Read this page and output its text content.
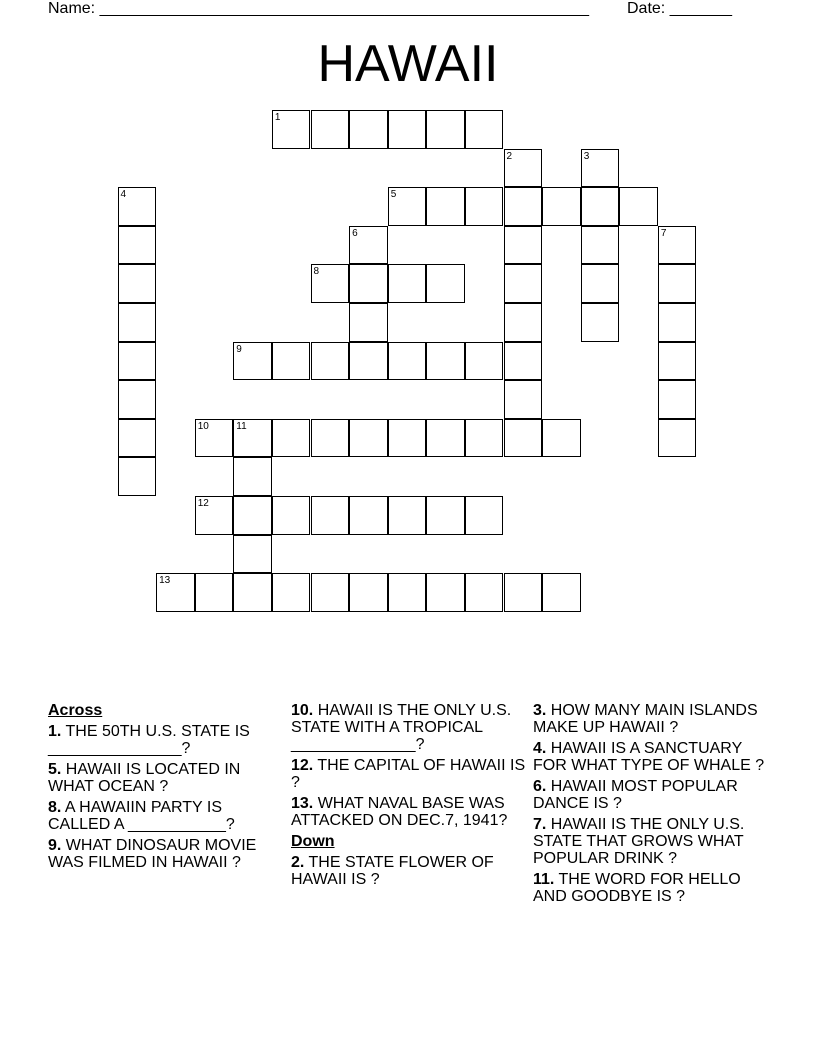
Name: _______________________________________________________ Date: _______
HAWAII
1
5
8
9
10	11
12
13
2	3
4
6	7
Across
1. THE 50TH U.S. STATE IS _______________?
5. HAWAII IS LOCATED IN WHAT OCEAN ?
8. A HAWAIIN PARTY IS CALLED A ___________?
9. WHAT DINOSAUR MOVIE WAS FILMED IN HAWAII ?
10. HAWAII IS THE ONLY U.S. STATE WITH A TROPICAL ______________?
12. THE CAPITAL OF HAWAII IS ?
13. WHAT NAVAL BASE WAS ATTACKED ON DEC.7, 1941?
Down
2. THE STATE FLOWER OF HAWAII IS ?
3. HOW MANY MAIN ISLANDS MAKE UP HAWAII ?
4. HAWAII IS A SANCTUARY FOR WHAT TYPE OF WHALE ?
6. HAWAII MOST POPULAR DANCE IS ?
7. HAWAII IS THE ONLY U.S. STATE THAT GROWS WHAT POPULAR DRINK ?
11. THE WORD FOR HELLO AND GOODBYE IS ?
